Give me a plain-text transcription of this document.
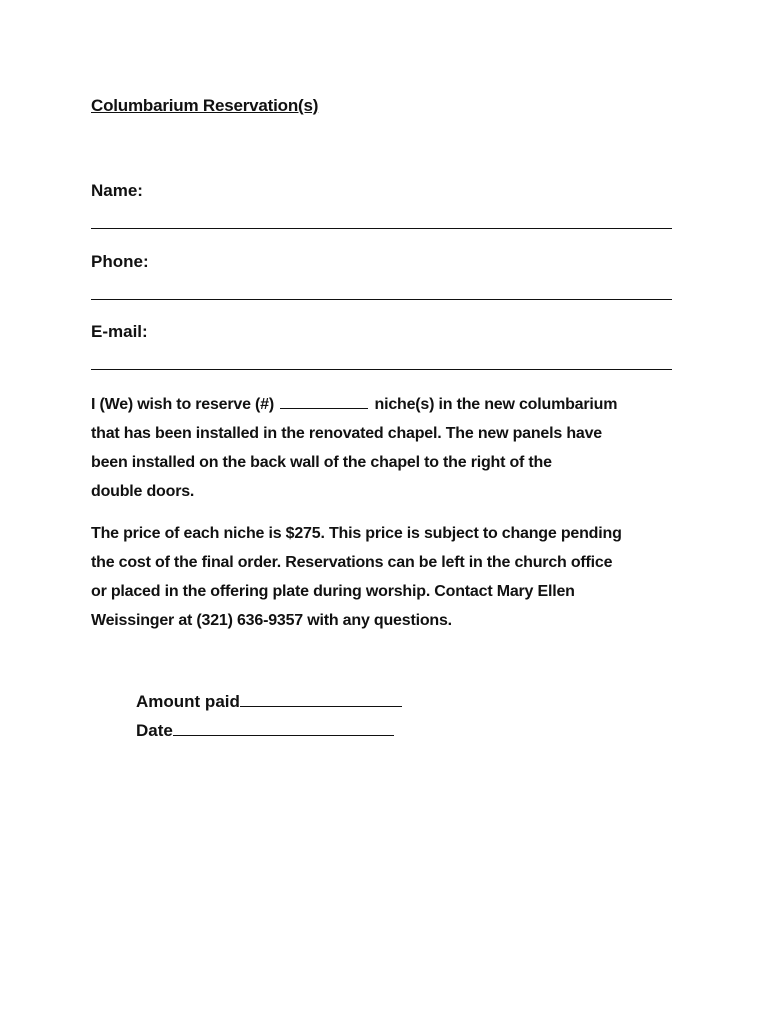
Columbarium Reservation(s)
Name:
Phone:
E-mail:
I (We) wish to reserve (#)	niche(s) in the new columbarium
that has been installed in the renovated chapel. The new panels have
been installed on the back wall of the chapel to the right of the
double doors.
The price of each niche is $275. This price is subject to change pending
the cost of the final order. Reservations can be left in the church office
or placed in the offering plate during worship. Contact Mary Ellen
Weissinger at (321) 636-9357 with any questions.
Amount paid
Date
